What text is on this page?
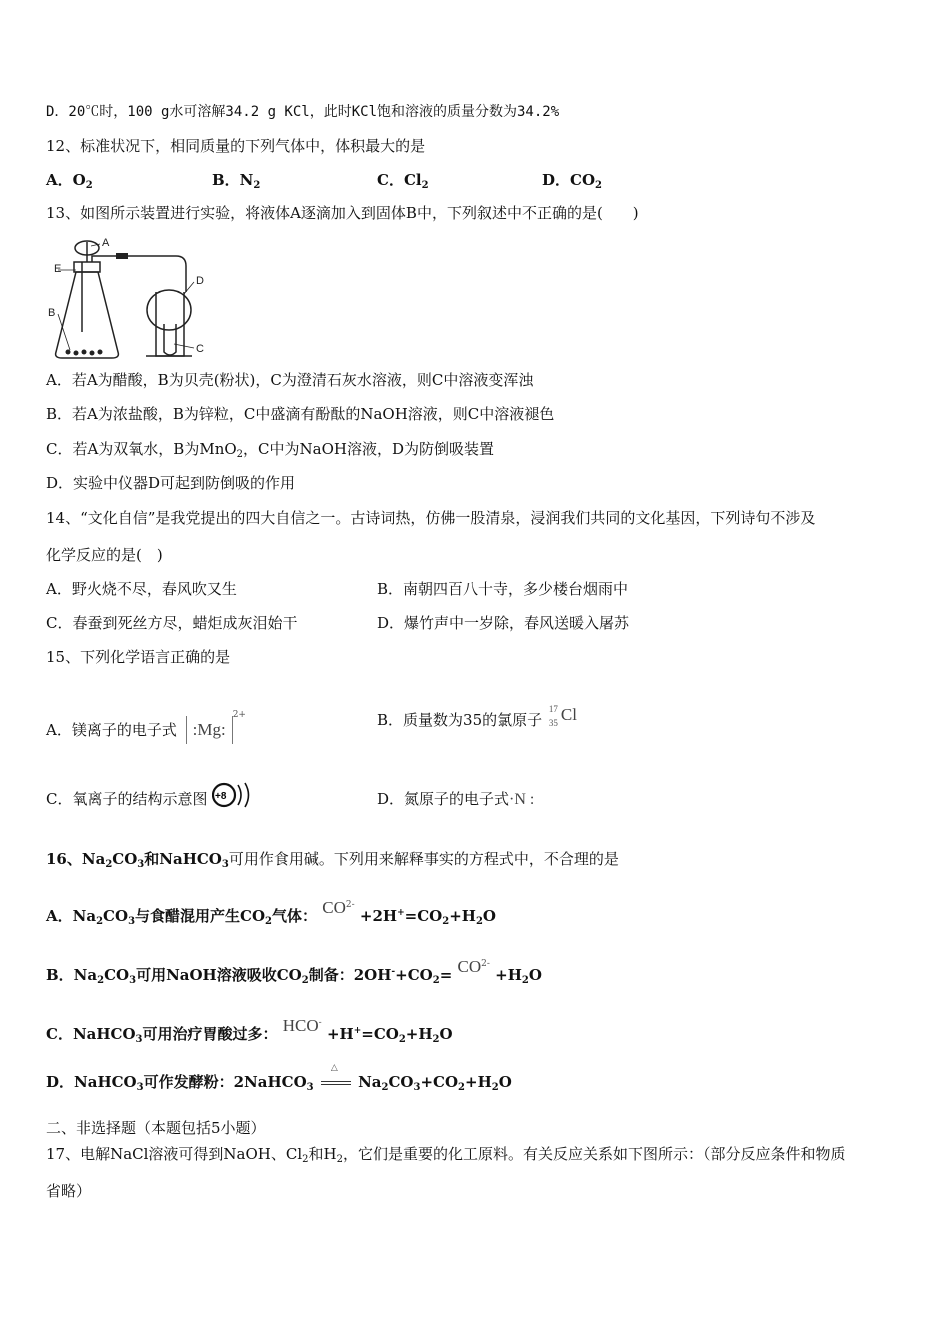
D．20℃时，100 g水可溶解34.2 g KCl，此时KCl饱和溶液的质量分数为34.2%
12、标准状况下，相同质量的下列气体中，体积最大的是
A．$O_2$	B．$N_2$	C．$Cl_2$	D．$CO_2$
13、如图所示装置进行实验，将液体A逐滴加入到固体B中，下列叙述中不正确的是(　　)
A
E
B
D
C
A．若A为醋酸，B为贝壳(粉状)，C为澄清石灰水溶液，则C中溶液变浑浊
B．若A为浓盐酸，B为锌粒，C中盛滴有酚酞的NaOH溶液，则C中溶液褪色
C．若A为双氧水，B为MnO$_2$，C中为NaOH溶液，D为防倒吸装置
D．实验中仪器D可起到防倒吸的作用
14、“文化自信”是我党提出的四大自信之一。古诗词热，仿佛一股清泉，浸润我们共同的文化基因，下列诗句不涉及
化学反应的是(　)
A．野火烧不尽，春风吹又生	B．南朝四百八十寺，多少楼台烟雨中
C．春蚕到死丝方尽，蜡炬成灰泪始干	D．爆竹声中一岁除，春风送暖入屠苏
15、下列化学语言正确的是
A．镁离子的电子式 :Mg:$^{2+}$	B．质量数为35的氯原子
17
35 Cl
C．氧离子的结构示意图 +8	D．氮原子的电子式·N :
16、$Na_2CO_3$和NaHCO$_3$可用作食用碱。下列用来解释事实的方程式中，不合理的是
A．$Na_2CO_3$与食醋混用产生$CO_2$气体： $CO^{2-} +2H^+=CO_2+H_2O$
B．$Na_2CO_3$可用NaOH溶液吸收$CO_2$制备：$2OH^-+CO_2= CO^{2-} +H_2O$
C．NaHCO$_3$可用治疗胃酸过多： $HCO^- +H^+=CO_2+H_2O$
D．NaHCO$_3$可作发酵粉：2NaHCO$_3$
△
$Na_2CO_3+CO_2+H_2O$
二、非选择题（本题包括5小题）
17、电解NaCl溶液可得到NaOH、$Cl_2$和$H_2$，它们是重要的化工原料。有关反应关系如下图所示：（部分反应条件和物质
省略）
